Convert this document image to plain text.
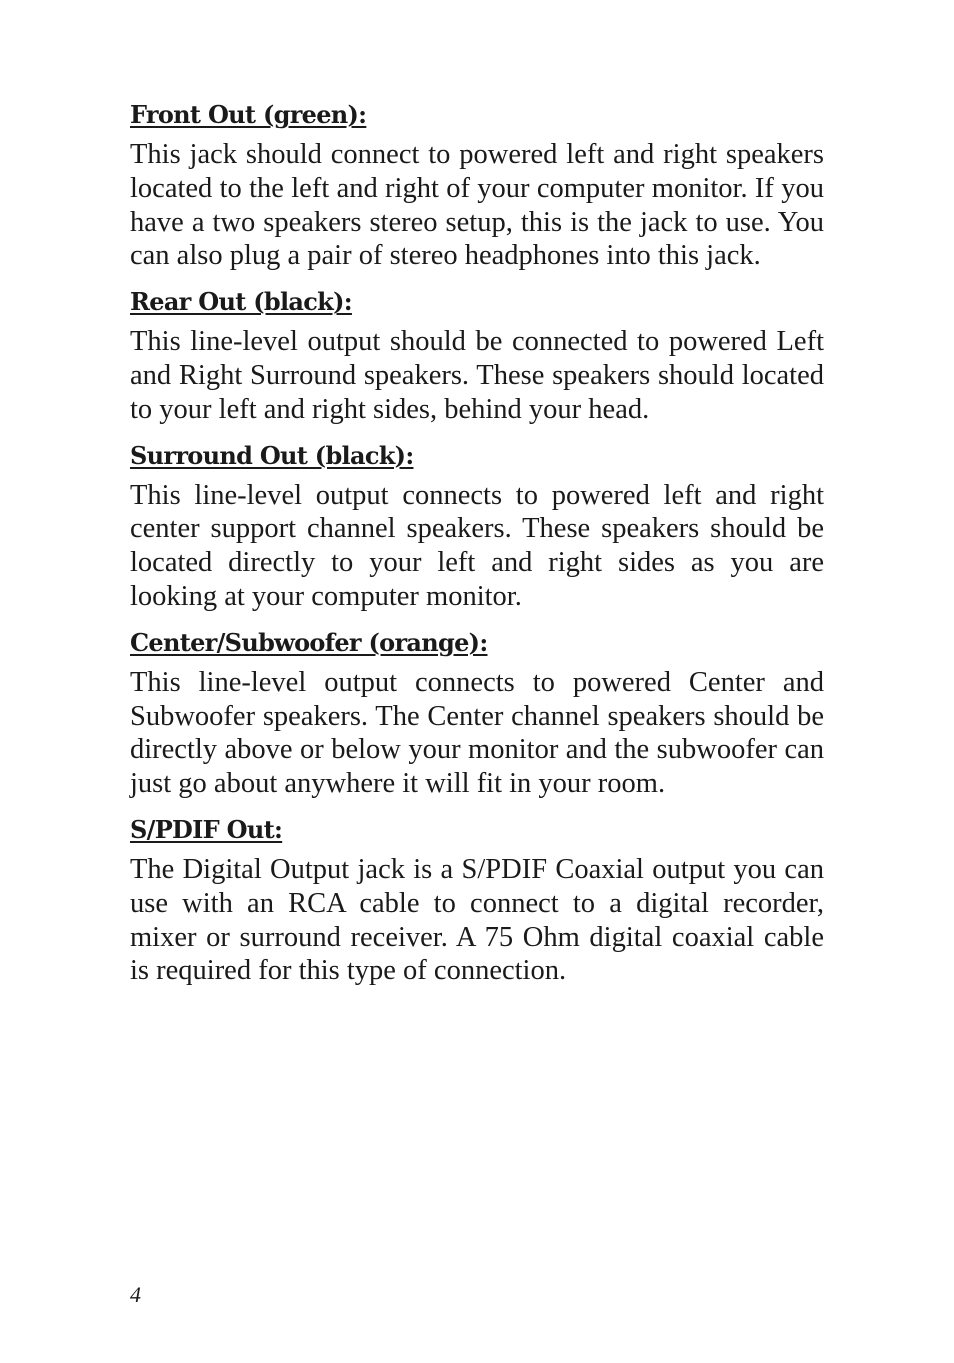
Front Out (green):

This jack should connect to powered left and right speakers located to the left and right of your computer monitor. If you have a two speakers stereo setup, this is the jack to use. You can also plug a pair of stereo headphones into this jack.

Rear Out (black):

This line-level output should be connected to powered Left and Right Surround speakers. These speakers should located to your left and right sides, behind your head.

Surround Out (black):

This line-level output connects to powered left and right center support channel speakers. These speakers should be located directly to your left and right sides as you are looking at your computer monitor.

Center/Subwoofer (orange):

This line-level output connects to powered Center and Subwoofer speakers. The Center channel speakers should be directly above or below your monitor and the subwoofer can just go about anywhere it will fit in your room.

S/PDIF Out:

The Digital Output jack is a S/PDIF Coaxial output you can use with an RCA cable to connect to a digital recorder, mixer or surround receiver. A 75 Ohm digital coaxial cable is required for this type of connection.

4
